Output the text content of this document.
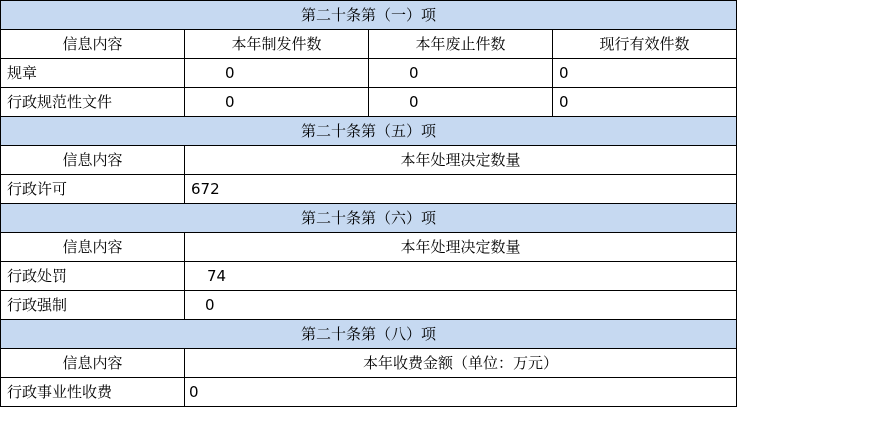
第二十条第（一）项			
信息内容	本年制发件数	本年废止件数	现行有效件数
规章	0	0	0
行政规范性文件	0	0	0
第二十条第（五）项			
信息内容	本年处理决定数量		
行政许可	672		
第二十条第（六）项			
信息内容	本年处理决定数量		
行政处罚	74		
行政强制	0		
第二十条第（八）项			
信息内容	本年收费金额（单位：万元）		
行政事业性收费	0		
